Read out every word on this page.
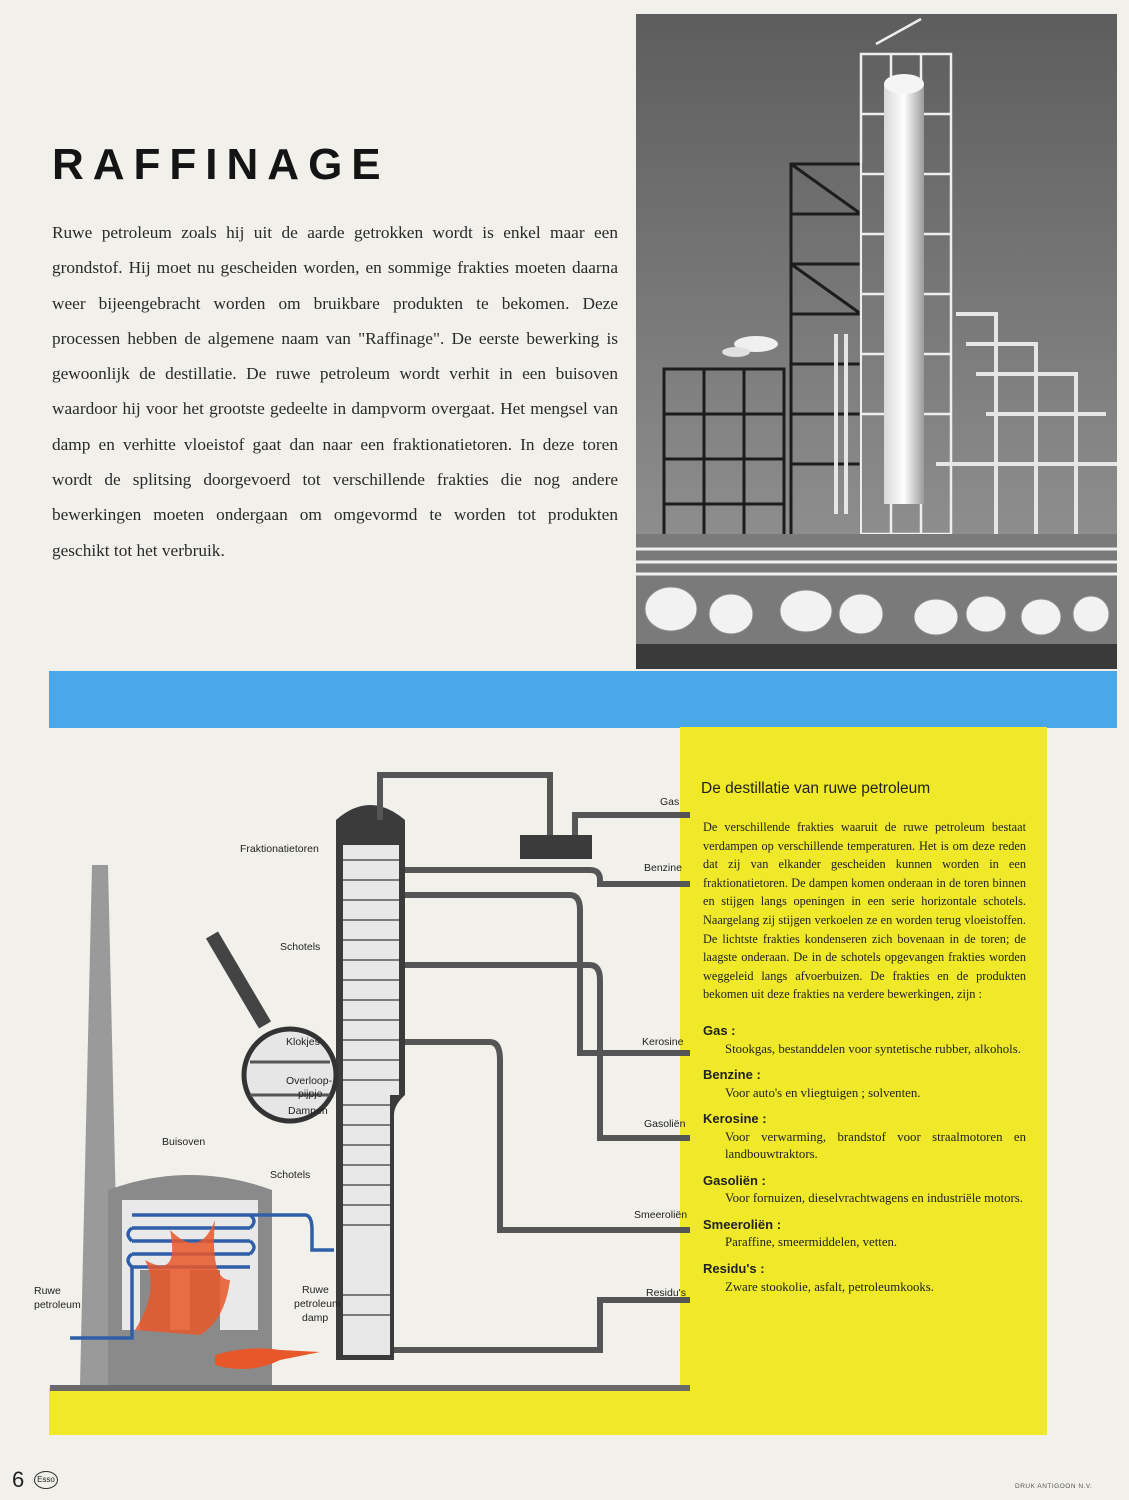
RAFFINAGE

Ruwe petroleum zoals hij uit de aarde getrokken wordt is enkel maar een grondstof. Hij moet nu gescheiden worden, en sommige frakties moeten daarna weer bijeengebracht worden om bruikbare produkten te bekomen. Deze processen hebben de algemene naam van "Raffinage". De eerste bewerking is gewoonlijk de destillatie. De ruwe petroleum wordt verhit in een buisoven waardoor hij voor het grootste gedeelte in dampvorm overgaat. Het mengsel van damp en verhitte vloeistof gaat dan naar een fraktionatietoren. In deze toren wordt de splitsing doorgevoerd tot verschillende frakties die nog andere bewerkingen moeten ondergaan om omgevormd te worden tot produkten geschikt tot het verbruik.

Fraktionatietoren
Schotels
Schotels
Buisoven
Ruwe
petroleum
Ruwe
petroleum
damp
Klokjes
Overloop-
pijpje
Dampen
Gas
Benzine
Kerosine
Gasoliën
Smeeroliën
Residu's
De destillatie van ruwe petroleum

De verschillende frakties waaruit de ruwe petroleum bestaat verdampen op verschillende temperaturen. Het is om deze reden dat zij van elkander gescheiden kunnen worden in een fraktionatietoren. De dampen komen onderaan in de toren binnen en stijgen langs openingen in een serie horizontale schotels. Naargelang zij stijgen verkoelen ze en worden terug vloeistoffen. De lichtste frakties kondenseren zich bovenaan in de toren; de laagste onderaan. De in de schotels opgevangen frakties worden weggeleid langs afvoerbuizen. De frakties en de produkten bekomen uit deze frakties na verdere bewerkingen, zijn :

Gas :
Stookgas, bestanddelen voor syntetische rubber, alkohols.
Benzine :
Voor auto's en vliegtuigen ; solventen.
Kerosine :
Voor verwarming, brandstof voor straalmotoren en landbouwtraktors.
Gasoliën :
Voor fornuizen, dieselvrachtwagens en industriële motors.
Smeeroliën :
Paraffine, smeermiddelen, vetten.
Residu's :
Zware stookolie, asfalt, petroleumkooks.
6	Esso
DRUK ANTIGOON N.V.
